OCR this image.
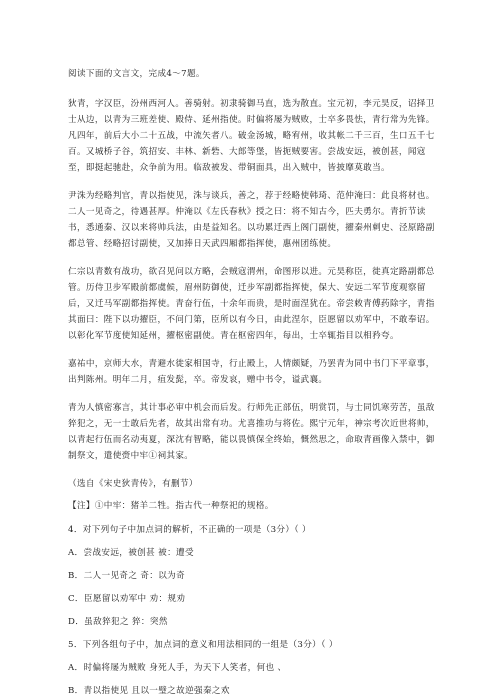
阅读下面的文言文，完成4～7题。

狄青，字汉臣，汾州西河人。善骑射。初隶骑御马直，选为散直。宝元初，李元昊反，诏择卫士从边，以青为三班差使、殿侍、延州指使。时偏将屡为贼败，士卒多畏怯，青行常为先锋。凡四年，前后大小二十五战，中流矢者八。破金汤城，略宥州，收其帐二千三百，生口五千七百。又城桥子谷，筑招安、丰林、新砦、大郎等堡，皆扼贼要害。尝战安远，被创甚，闻寇至，即挺起驰赴，众争前为用。临敌被发、带铜面具，出入贼中，皆披靡莫敢当。

尹洙为经略判官，青以指使见，洙与谈兵，善之，荐于经略使韩琦、范仲淹曰：此良将材也。二人一见奇之，待遇甚厚。仲淹以《左氏春秋》授之曰：将不知古今，匹夫勇尔。青折节读书，悉通秦、汉以来将帅兵法，由是益知名。以功累迁西上阁门副使，擢秦州刺史、泾原路副都总管、经略招讨副使，又加捧日天武四厢都指挥使，惠州团练使。

仁宗以青数有战功，欲召见问以方略，会贼寇渭州，命图形以进。元昊称臣，徙真定路副都总管。历侍卫步军殿前都虞候，眉州防御使，迁步军副都指挥使，保大、安远二军节度观察留后，又迁马军副都指挥使。青奋行伍，十余年而贵，是时面涅犹在。帝尝敕青傅药除字，青指其面曰：陛下以功擢臣，不问门第，臣所以有今日，由此涅尔，臣愿留以劝军中，不敢奉诏。以彰化军节度使知延州，擢枢密副使。青在枢密四年，每出，士卒辄指目以相矜夸。

嘉祐中，京师大水，青避水徙家相国寺，行止殿上，人情颇疑，乃罢青为同中书门下平章事，出判陈州。明年二月，疽发髭，卒。帝发哀，赠中书令，谥武襄。

青为人慎密寡言，其计事必审中机会而后发。行师先正部伍，明赏罚，与士同饥寒劳苦，虽敌猝犯之，无一士敢后先者，故其出常有功。尤喜推功与将佐。熙宁元年，神宗考次近世将帅，以青起行伍而名动夷夏，深沈有智略，能以畏慎保全终始，慨然思之，命取青画像入禁中，御制祭文，遣使赍中牢①祠其家。

（选自《宋史狄青传》，有删节）

【注】①中牢：猪羊二牲。指古代一种祭祀的规格。

4．对下列句子中加点词的解析，不正确的一项是（3分）（ ）

A．尝战安远，被创甚 被：遭受

B．二人一见奇之 奇：以为奇

C．臣愿留以劝军中 劝：规劝

D．虽敌猝犯之 猝：突然

5．下列各组句子中，加点词的意义和用法相同的一组是（3分）（ ）

A．时偏将屡为贼败 身死人手，为天下人笑者，何也 、

B．青以指使见 且以一璧之故逆强秦之欢
